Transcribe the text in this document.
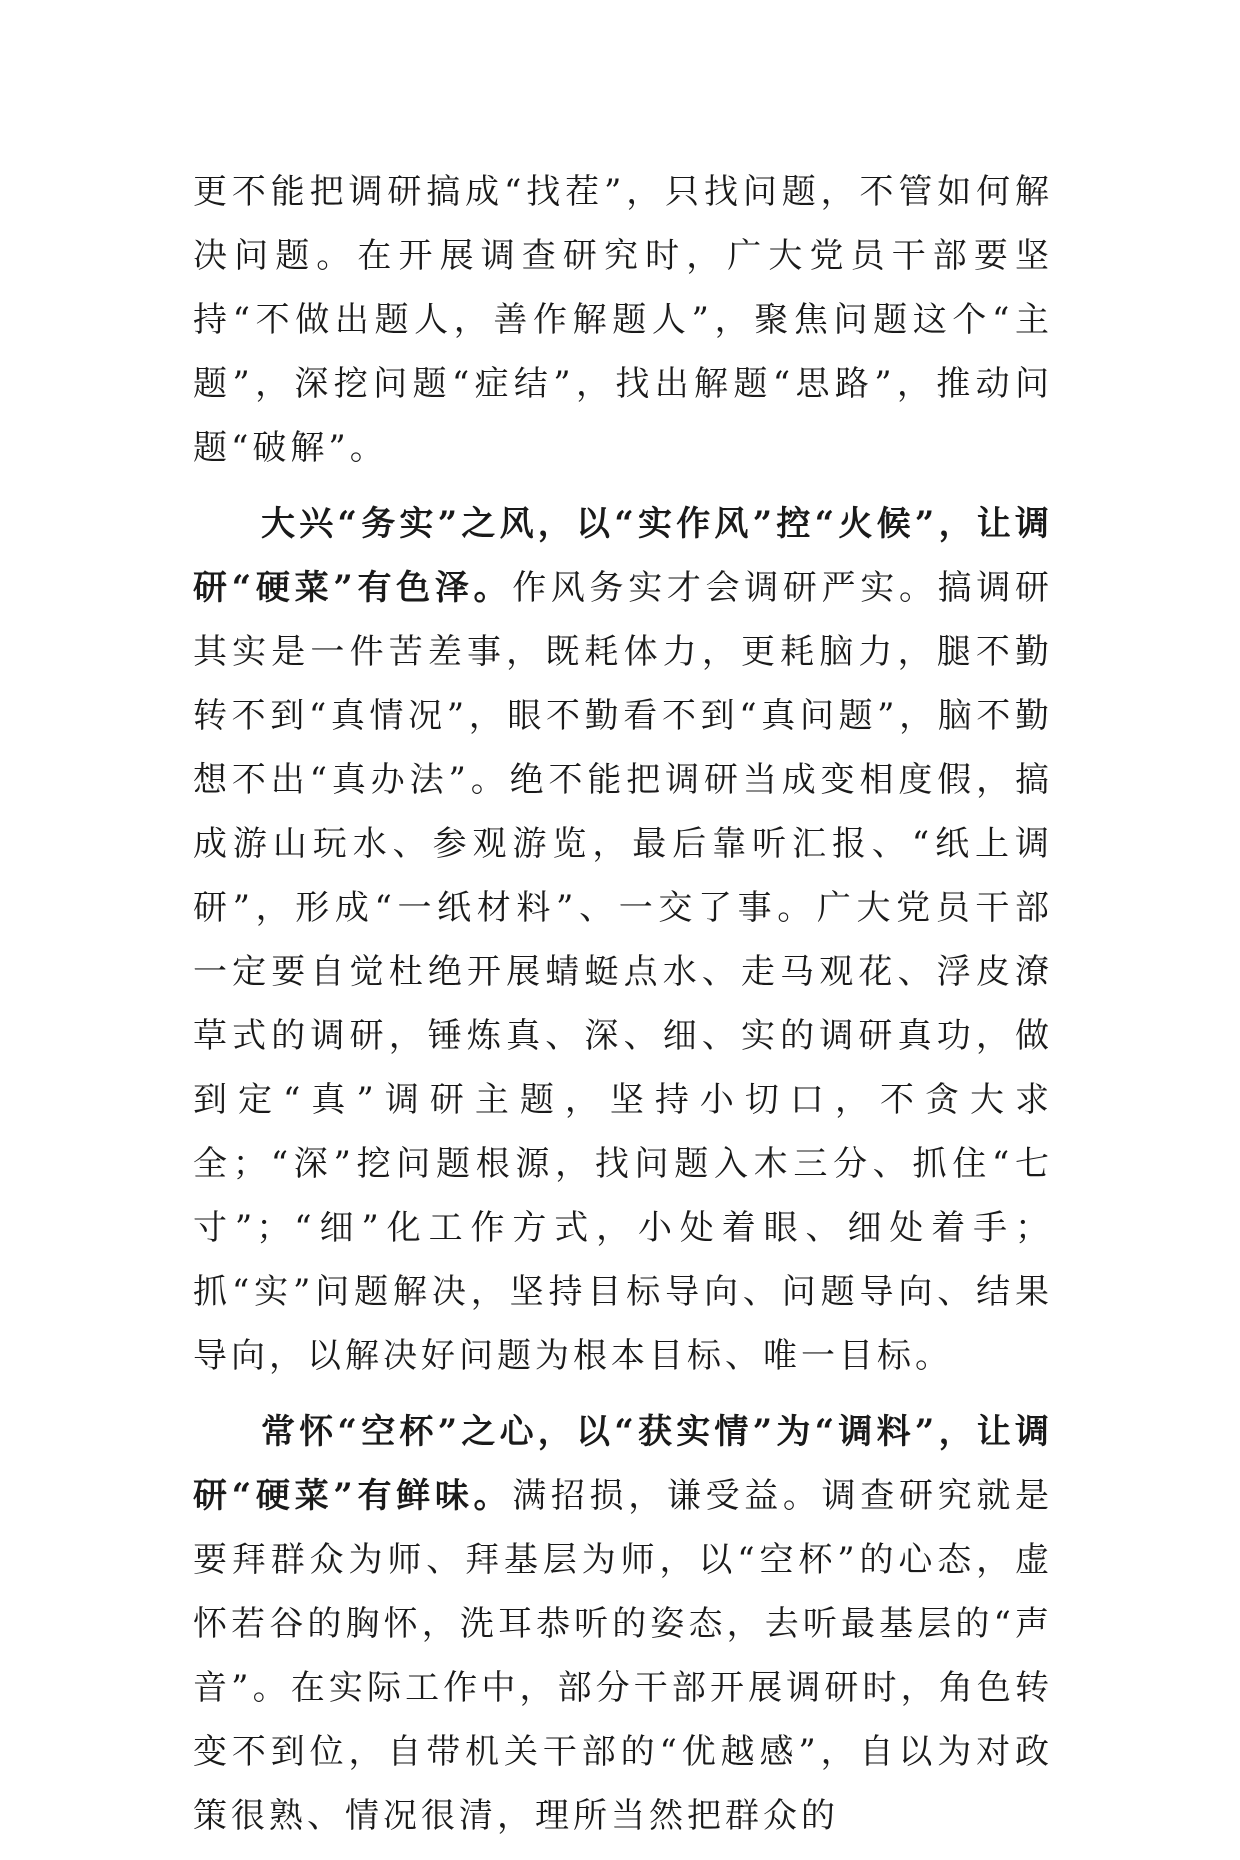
更不能把调研搞成“找茬”，只找问题，不管如何解决问题。在开展调查研究时，广大党员干部要坚持“不做出题人，善作解题人”，聚焦问题这个“主题”，深挖问题“症结”，找出解题“思路”，推动问题“破解”。

大兴“务实”之风，以“实作风”控“火候”，让调研“硬菜”有色泽。作风务实才会调研严实。搞调研其实是一件苦差事，既耗体力，更耗脑力，腿不勤转不到“真情况”，眼不勤看不到“真问题”，脑不勤想不出“真办法”。绝不能把调研当成变相度假，搞成游山玩水、参观游览，最后靠听汇报、“纸上调研”，形成“一纸材料”、一交了事。广大党员干部一定要自觉杜绝开展蜻蜓点水、走马观花、浮皮潦草式的调研，锤炼真、深、细、实的调研真功，做到定“真”调研主题，坚持小切口，不贪大求全；“深”挖问题根源，找问题入木三分、抓住“七寸”；“细”化工作方式，小处着眼、细处着手；抓“实”问题解决，坚持目标导向、问题导向、结果导向，以解决好问题为根本目标、唯一目标。

常怀“空杯”之心，以“获实情”为“调料”，让调研“硬菜”有鲜味。满招损，谦受益。调查研究就是要拜群众为师、拜基层为师，以“空杯”的心态，虚怀若谷的胸怀，洗耳恭听的姿态，去听最基层的“声音”。在实际工作中，部分干部开展调研时，角色转变不到位，自带机关干部的“优越感”，自以为对政策很熟、情况很清，理所当然把群众的
